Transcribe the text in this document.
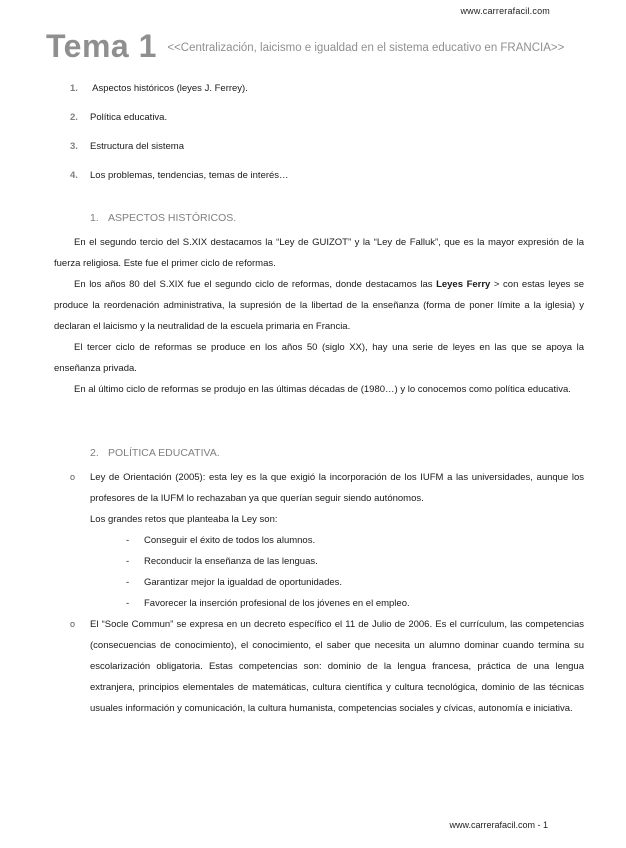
www.carrerafacil.com
Tema 1 $^{<<Centralización, laicismo e igualdad en el sistema educativo en FRANCIA>>}$
1. Aspectos históricos (leyes J. Ferrey).
2. Política educativa.
3. Estructura del sistema
4. Los problemas, tendencias, temas de interés…
1. ASPECTOS HISTÓRICOS.

En el segundo tercio del S.XIX destacamos la “Ley de GUIZOT” y la “Ley de Falluk”, que es la mayor expresión de la fuerza religiosa. Este fue el primer ciclo de reformas.

En los años 80 del S.XIX fue el segundo ciclo de reformas, donde destacamos las Leyes Ferry > con estas leyes se produce la reordenación administrativa, la supresión de la libertad de la enseñanza (forma de poner límite a la iglesia) y declaran el laicismo y la neutralidad de la escuela primaria en Francia.

El tercer ciclo de reformas se produce en los años 50 (siglo XX), hay una serie de leyes en las que se apoya la enseñanza privada.

En al último ciclo de reformas se produjo en las últimas décadas de (1980…) y lo conocemos como política educativa.

2. POLÍTICA EDUCATIVA.
o Ley de Orientación (2005): esta ley es la que exigió la incorporación de los IUFM a las universidades, aunque los profesores de la IUFM lo rechazaban ya que querían seguir siendo autónomos.
Los grandes retos que planteaba la Ley son:
- Conseguir el éxito de todos los alumnos.
- Reconducir la enseñanza de las lenguas.
- Garantizar mejor la igualdad de oportunidades.
- Favorecer la inserción profesional de los jóvenes en el empleo.
o El “Socle Commun” se expresa en un decreto específico el 11 de Julio de 2006. Es el currículum, las competencias (consecuencias de conocimiento), el conocimiento, el saber que necesita un alumno dominar cuando termina su escolarización obligatoria. Estas competencias son: dominio de la lengua francesa, práctica de una lengua extranjera, principios elementales de matemáticas, cultura científica y cultura tecnológica, dominio de las técnicas usuales información y comunicación, la cultura humanista, competencias sociales y cívicas, autonomía e iniciativa.
www.carrerafacil.com - 1
